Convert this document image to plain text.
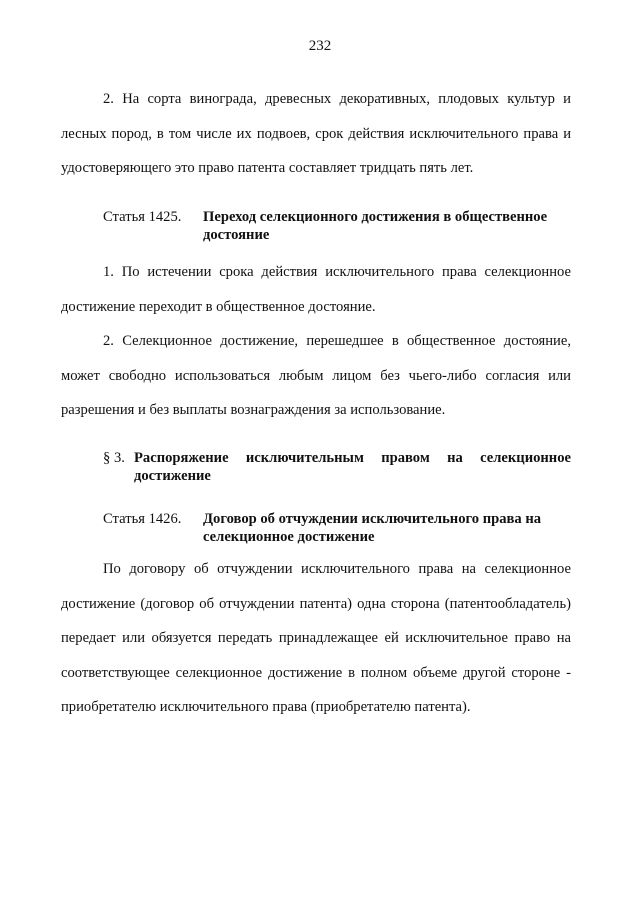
232

2. На сорта винограда, древесных декоративных, плодовых культур и лесных пород, в том числе их подвоев, срок действия исключительного права и удостоверяющего это право патента составляет тридцать пять лет.

Статья 1425. Переход селекционного достижения в общественное достояние

1. По истечении срока действия исключительного права селекционное достижение переходит в общественное достояние.

2. Селекционное достижение, перешедшее в общественное достояние, может свободно использоваться любым лицом без чьего-либо согласия или разрешения и без выплаты вознаграждения за использование.

§ 3. Распоряжение исключительным правом на селекционное достижение
Статья 1426. Договор об отчуждении исключительного права на селекционное достижение

По договору об отчуждении исключительного права на селекционное достижение (договор об отчуждении патента) одна сторона (патентообладатель) передает или обязуется передать принадлежащее ей исключительное право на соответствующее селекционное достижение в полном объеме другой стороне - приобретателю исключительного права (приобретателю патента).
